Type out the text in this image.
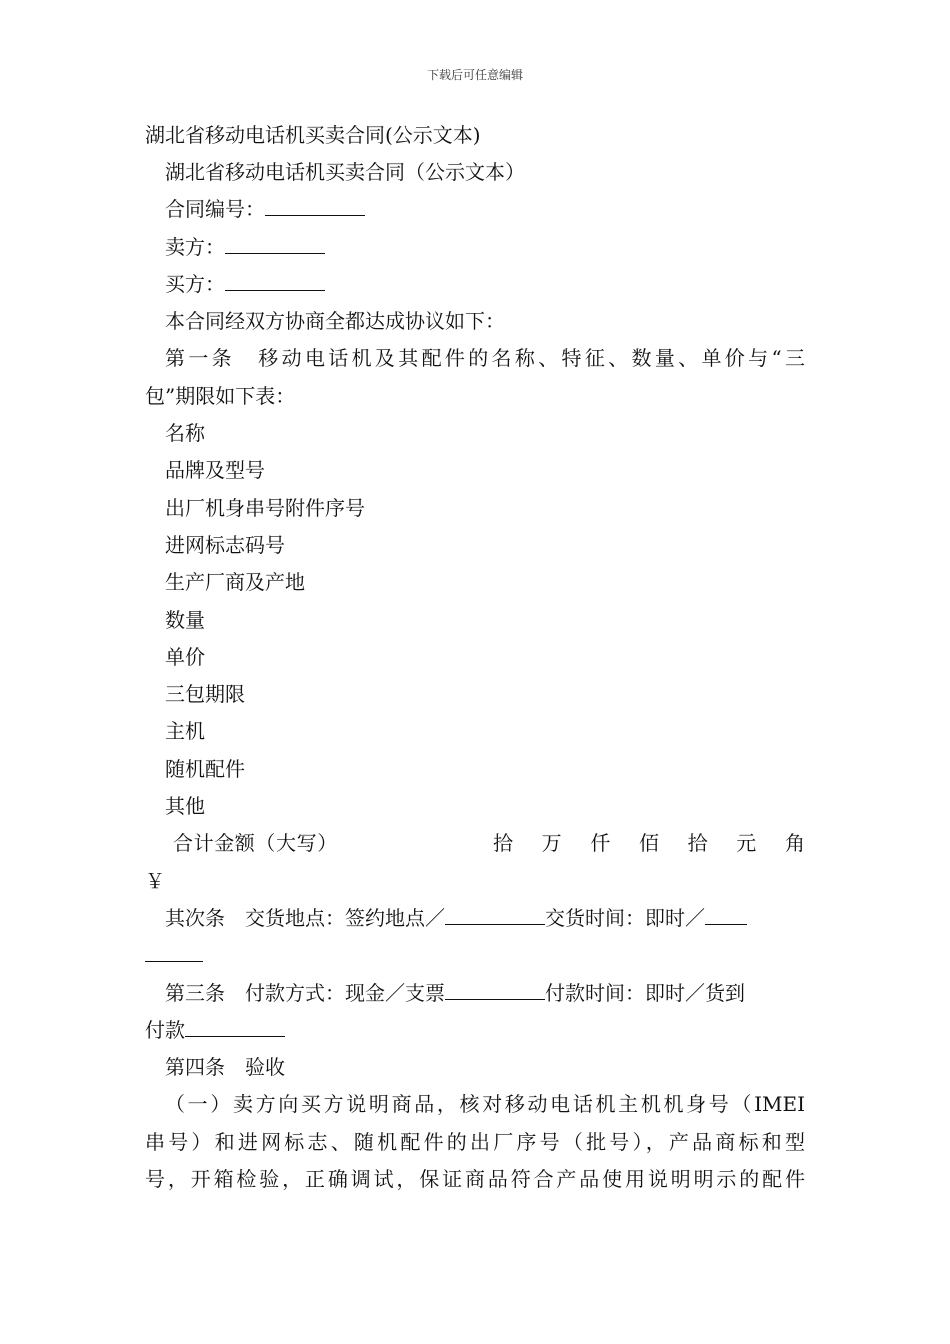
下载后可任意编辑

湖北省移动电话机买卖合同(公示文本)

湖北省移动电话机买卖合同（公示文本）

合同编号：

卖方：

买方：

本合同经双方协商全都达成协议如下：

第一条　移动电话机及其配件的名称、特征、数量、单价与“三

包”期限如下表：

名称

品牌及型号

出厂机身串号附件序号

进网标志码号

生产厂商及产地

数量

单价

三包期限

主机

随机配件

其他

合计金额（大写）	拾 万 仟 佰 拾 元 角

￥

其次条　交货地点：签约地点／	交货时间：即时／

第三条　付款方式：现金／支票	付款时间：即时／货到

付款

第四条　验收

（一）卖方向买方说明商品，核对移动电话机主机机身号（IMEI

串号）和进网标志、随机配件的出厂序号（批号），产品商标和型

号，开箱检验，正确调试，保证商品符合产品使用说明明示的配件
